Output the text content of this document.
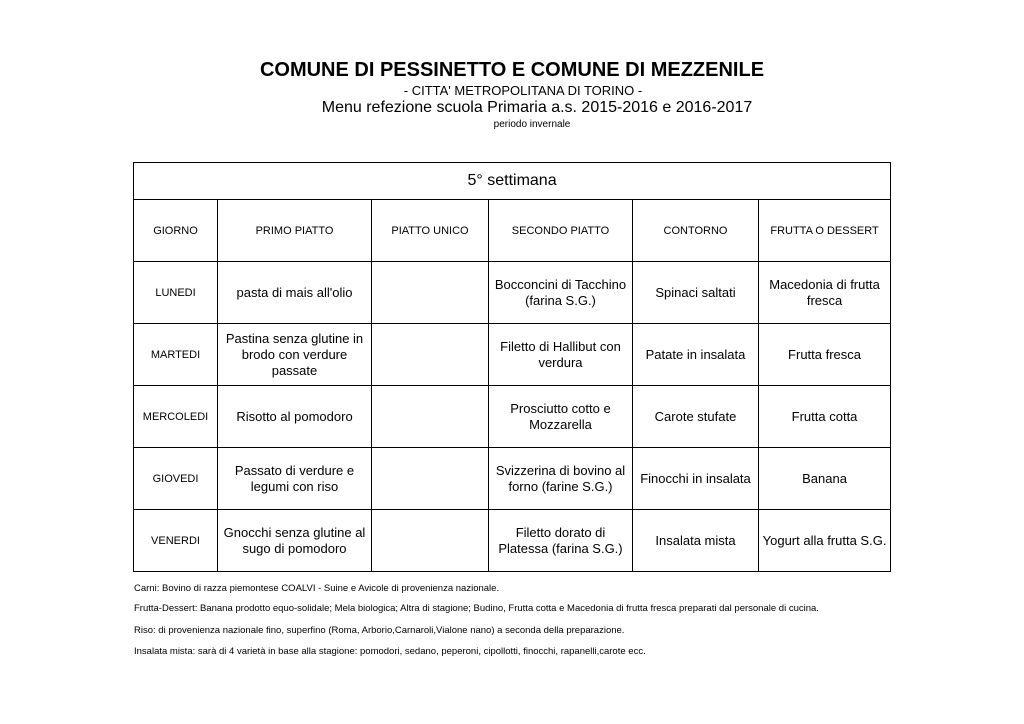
COMUNE DI PESSINETTO E COMUNE DI MEZZENILE
- CITTA' METROPOLITANA DI TORINO -
Menu refezione scuola Primaria a.s. 2015-2016 e 2016-2017
periodo invernale
5° settimana					
GIORNO	PRIMO PIATTO	PIATTO UNICO	SECONDO PIATTO	CONTORNO	FRUTTA O DESSERT
LUNEDI	pasta di mais all'olio		Bocconcini di Tacchino (farina S.G.)	Spinaci saltati	Macedonia di frutta fresca
MARTEDI	Pastina senza glutine in brodo con verdure passate		Filetto di Hallibut con verdura	Patate in insalata	Frutta fresca
MERCOLEDI	Risotto al pomodoro		Prosciutto cotto e Mozzarella	Carote stufate	Frutta cotta
GIOVEDI	Passato di verdure e legumi con riso		Svizzerina di bovino al forno (farine S.G.)	Finocchi in insalata	Banana
VENERDI	Gnocchi senza glutine al sugo di pomodoro		Filetto dorato di Platessa (farina S.G.)	Insalata mista	Yogurt alla frutta S.G.
Carni: Bovino di razza piemontese COALVI - Suine e Avicole di provenienza nazionale.
Frutta-Dessert: Banana prodotto equo-solidale; Mela biologica; Altra di stagione; Budino, Frutta cotta e Macedonia di frutta fresca preparati dal personale di cucina.
Riso: di provenienza nazionale fino, superfino (Roma, Arborio,Carnaroli,Vialone nano) a seconda della preparazione.
Insalata mista: sarà di 4 varietà in base alla stagione: pomodori, sedano, peperoni, cipollotti, finocchi, rapanelli,carote ecc.
